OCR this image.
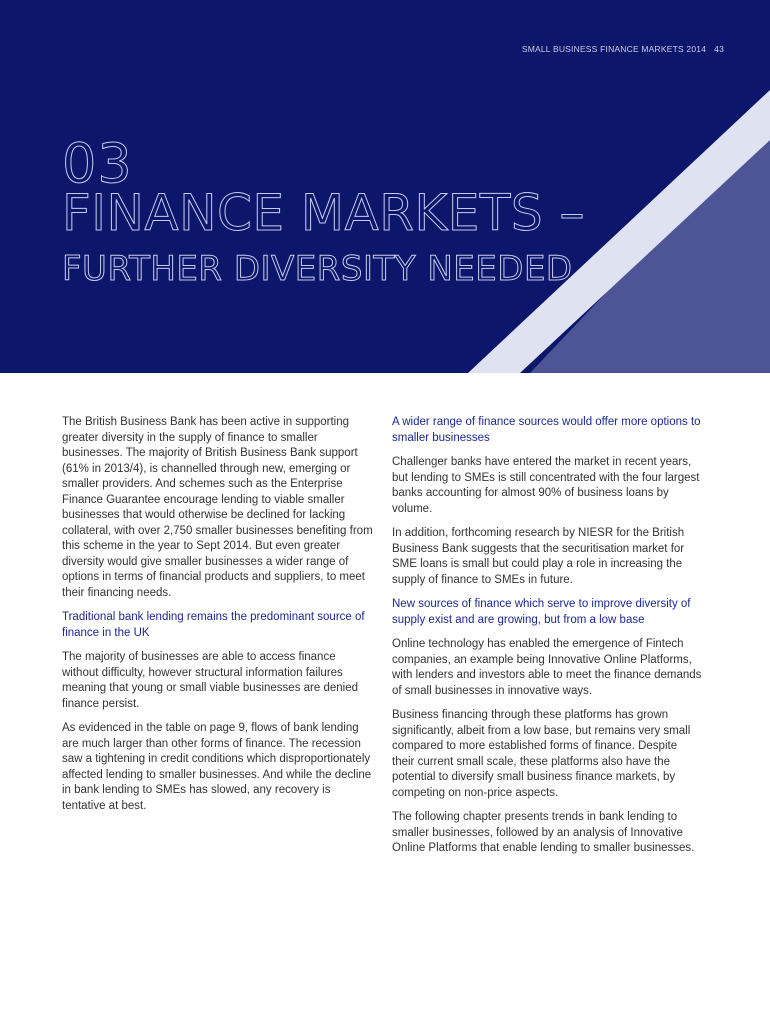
SMALL BUSINESS FINANCE MARKETS 2014 43
03
FINANCE MARKETS –
FURTHER DIVERSITY NEEDED

The British Business Bank has been active in supporting greater diversity in the supply of finance to smaller businesses. The majority of British Business Bank support (61% in 2013/4), is channelled through new, emerging or smaller providers. And schemes such as the Enterprise Finance Guarantee encourage lending to viable smaller businesses that would otherwise be declined for lacking collateral, with over 2,750 smaller businesses benefiting from this scheme in the year to Sept 2014. But even greater diversity would give smaller businesses a wider range of options in terms of financial products and suppliers, to meet their financing needs.

Traditional bank lending remains the predominant source of finance in the UK

The majority of businesses are able to access finance without difficulty, however structural information failures meaning that young or small viable businesses are denied finance persist.

As evidenced in the table on page 9, flows of bank lending are much larger than other forms of finance. The recession saw a tightening in credit conditions which disproportionately affected lending to smaller businesses. And while the decline in bank lending to SMEs has slowed, any recovery is tentative at best.

A wider range of finance sources would offer more options to smaller businesses

Challenger banks have entered the market in recent years, but lending to SMEs is still concentrated with the four largest banks accounting for almost 90% of business loans by volume.

In addition, forthcoming research by NIESR for the British Business Bank suggests that the securitisation market for SME loans is small but could play a role in increasing the supply of finance to SMEs in future.

New sources of finance which serve to improve diversity of supply exist and are growing, but from a low base

Online technology has enabled the emergence of Fintech companies, an example being Innovative Online Platforms, with lenders and investors able to meet the finance demands of small businesses in innovative ways.

Business financing through these platforms has grown significantly, albeit from a low base, but remains very small compared to more established forms of finance. Despite their current small scale, these platforms also have the potential to diversify small business finance markets, by competing on non-price aspects.

The following chapter presents trends in bank lending to smaller businesses, followed by an analysis of Innovative Online Platforms that enable lending to smaller businesses.
